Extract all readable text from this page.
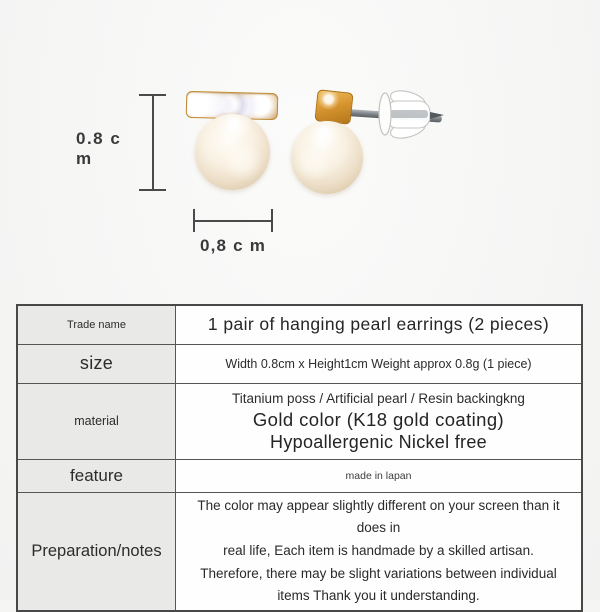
0.8 c m
0,8 c m
Trade name	1 pair of hanging pearl earrings (2 pieces)
size	Width 0.8cm x Height1cm Weight approx 0.8g (1 piece)
material	Titanium poss / Artificial pearl / Resin backingkng
Gold color (K18 gold coating)
Hypoallergenic Nickel free

feature	made in lapan
Preparation/notes	The color may appear slightly different on your screen than it does in
real life, Each item is handmade by a skilled artisan.
Therefore, there may be slight variations between individual
items Thank you it understanding.
